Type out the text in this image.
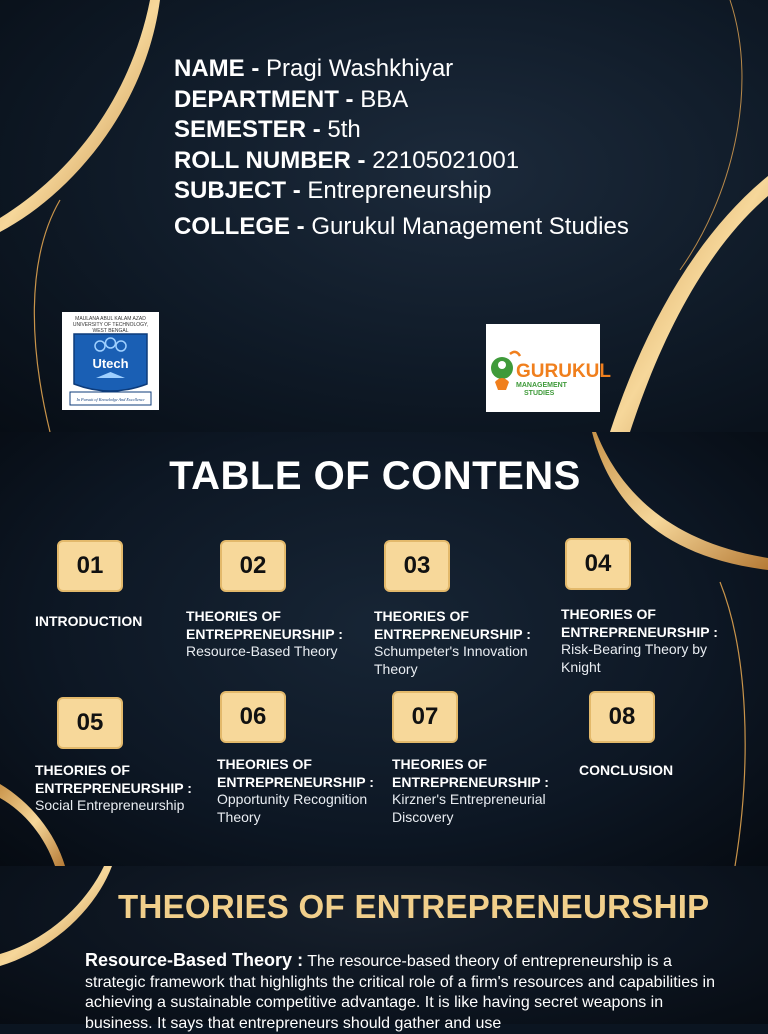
NAME - Pragi Washkhiyar
DEPARTMENT - BBA
SEMESTER - 5th
ROLL NUMBER - 22105021001
SUBJECT - Entrepreneurship
COLLEGE - Gurukul Management Studies
MAULANA ABUL KALAM AZAD
UNIVERSITY OF TECHNOLOGY,
WEST BENGAL
Utech
In Pursuit of Knowledge And Excellence
GURUKUL
MANAGEMENT
STUDIES
TABLE OF CONTENS
01	02	03	04
05	06	07	08
INTRODUCTION	THEORIES OF ENTREPRENEURSHIP :
Resource-Based Theory
THEORIES OF ENTREPRENEURSHIP :
Schumpeter's Innovation Theory
THEORIES OF ENTREPRENEURSHIP :
Risk-Bearing Theory by Knight
THEORIES OF ENTREPRENEURSHIP :
Social Entrepreneurship
THEORIES OF ENTREPRENEURSHIP :
Opportunity Recognition Theory
THEORIES OF ENTREPRENEURSHIP :
Kirzner's Entrepreneurial Discovery
CONCLUSION
THEORIES OF ENTREPRENEURSHIP
Resource-Based Theory : The resource-based theory of entrepreneurship is a strategic framework that highlights the critical role of a firm's resources and capabilities in achieving a sustainable competitive advantage. It is like having secret weapons in business. It says that entrepreneurs should gather and use
